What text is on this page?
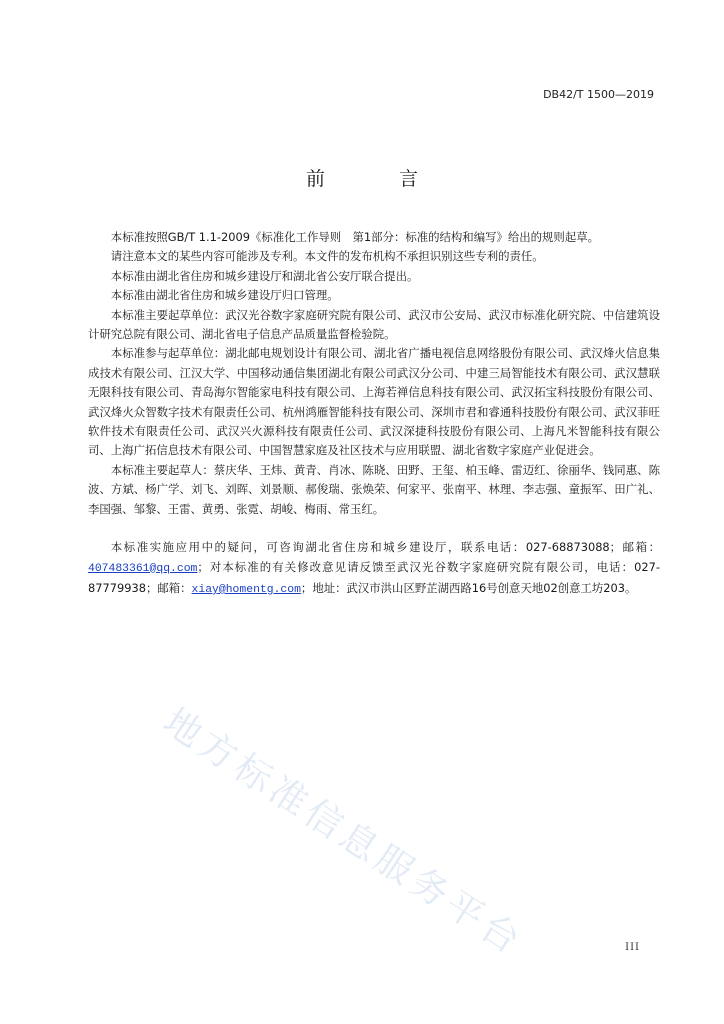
DB42/T 1500—2019
前 言

本标准按照GB/T 1.1-2009《标准化工作导则　第1部分：标准的结构和编写》给出的规则起草。

请注意本文的某些内容可能涉及专利。本文件的发布机构不承担识别这些专利的责任。

本标准由湖北省住房和城乡建设厅和湖北省公安厅联合提出。

本标准由湖北省住房和城乡建设厅归口管理。

本标准主要起草单位：武汉光谷数字家庭研究院有限公司、武汉市公安局、武汉市标准化研究院、中信建筑设计研究总院有限公司、湖北省电子信息产品质量监督检验院。

本标准参与起草单位：湖北邮电规划设计有限公司、湖北省广播电视信息网络股份有限公司、武汉烽火信息集成技术有限公司、江汉大学、中国移动通信集团湖北有限公司武汉分公司、中建三局智能技术有限公司、武汉慧联无限科技有限公司、青岛海尔智能家电科技有限公司、上海若禅信息科技有限公司、武汉拓宝科技股份有限公司、武汉烽火众智数字技术有限责任公司、杭州鸿雁智能科技有限公司、深圳市君和睿通科技股份有限公司、武汉菲旺软件技术有限责任公司、武汉兴火源科技有限责任公司、武汉深捷科技股份有限公司、上海凡米智能科技有限公司、上海广拓信息技术有限公司、中国智慧家庭及社区技术与应用联盟、湖北省数字家庭产业促进会。

本标准主要起草人：蔡庆华、王炜、黄青、肖冰、陈晓、田野、王玺、柏玉峰、雷迈红、徐丽华、钱同惠、陈波、方斌、杨广学、刘飞、刘晖、刘景顺、郝俊瑞、张焕荣、何家平、张南平、林理、李志强、童振军、田广礼、李国强、邹黎、王雷、黄勇、张霓、胡峻、梅雨、常玉红。

本标准实施应用中的疑问，可咨询湖北省住房和城乡建设厅，联系电话：027-68873088；邮箱：407483361@qq.com；对本标准的有关修改意见请反馈至武汉光谷数字家庭研究院有限公司，电话：027-87779938；邮箱：xiay@homentg.com；地址：武汉市洪山区野芷湖西路16号创意天地02创意工坊203。

地方标准信息服务平台	III
